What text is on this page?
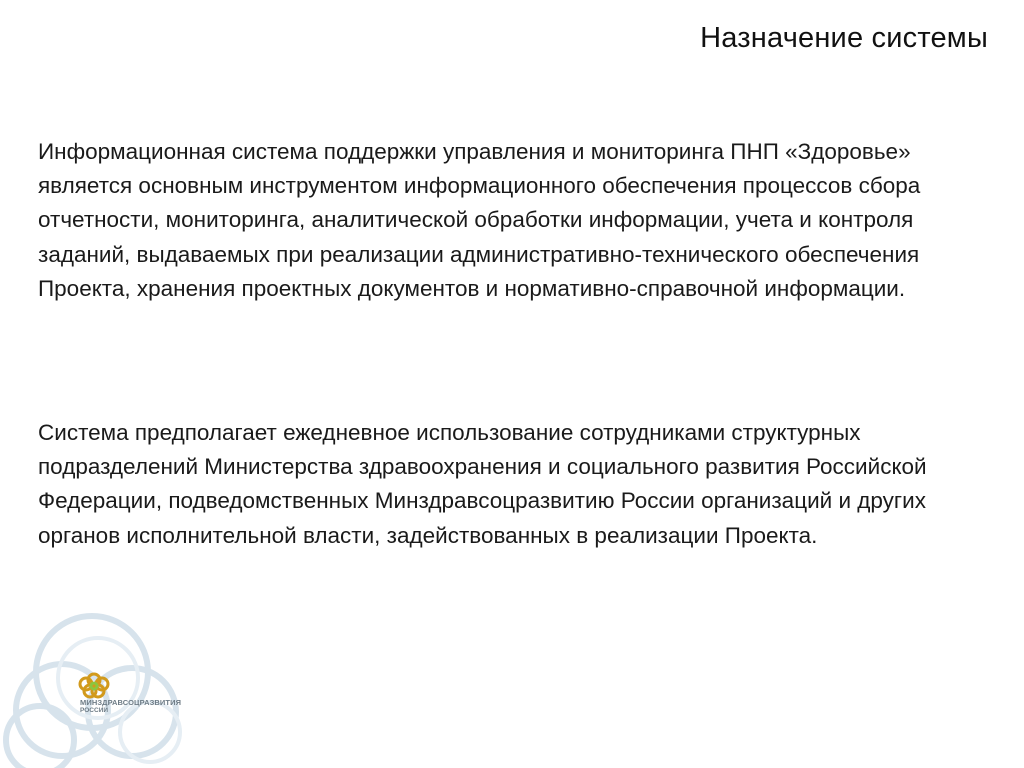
Назначение системы

Информационная система поддержки управления и мониторинга ПНП «Здоровье» является основным инструментом информационного обеспечения процессов сбора отчетности, мониторинга, аналитической обработки информации, учета и контроля заданий, выдаваемых при реализации административно-технического обеспечения Проекта, хранения проектных документов и нормативно-справочной информации.

Система предполагает ежедневное использование сотрудниками структурных подразделений Министерства здравоохранения и социального развития Российской Федерации, подведомственных Минздравсоцразвитию России организаций и других органов исполнительной власти, задействованных в реализации Проекта.

МИНЗДРАВСОЦРАЗВИТИЯ
РОССИИ
